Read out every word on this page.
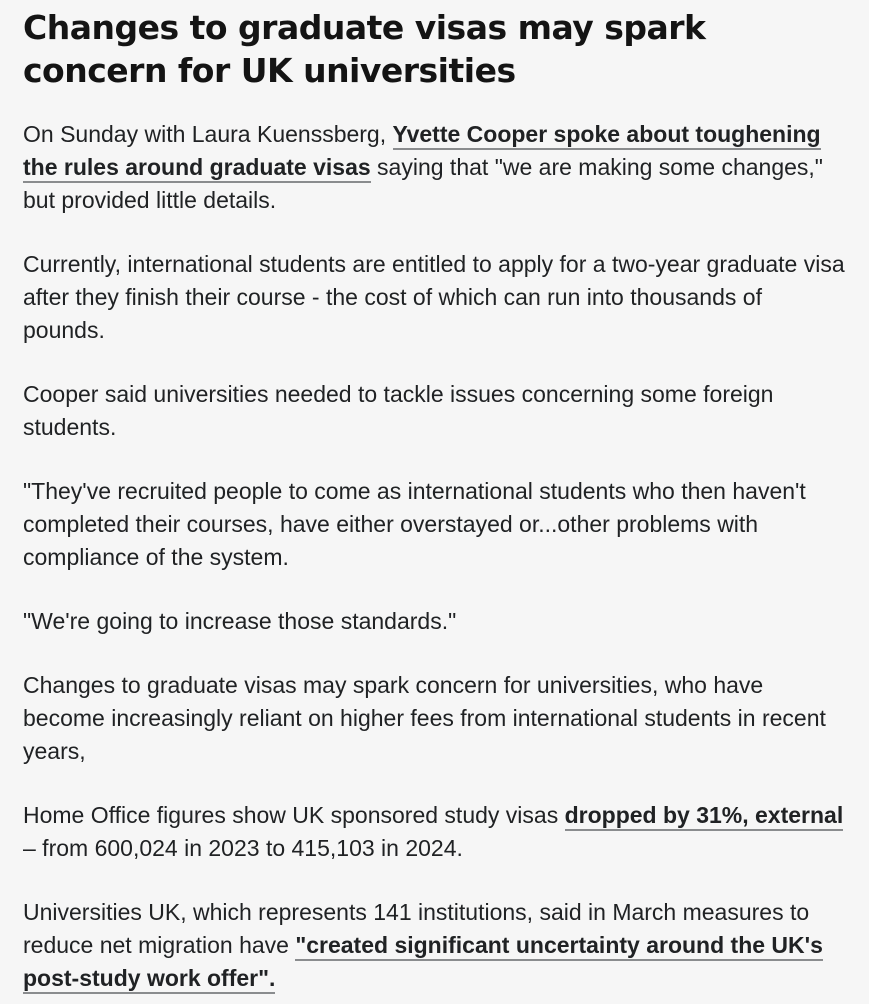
Changes to graduate visas may spark concern for UK universities

On Sunday with Laura Kuenssberg, Yvette Cooper spoke about toughening the rules around graduate visas saying that "we are making some changes," but provided little details.

Currently, international students are entitled to apply for a two-year graduate visa after they finish their course - the cost of which can run into thousands of pounds.

Cooper said universities needed to tackle issues concerning some foreign students.

"They've recruited people to come as international students who then haven't completed their courses, have either overstayed or...other problems with compliance of the system.

"We're going to increase those standards."

Changes to graduate visas may spark concern for universities, who have become increasingly reliant on higher fees from international students in recent years,

Home Office figures show UK sponsored study visas dropped by 31%, external – from 600,024 in 2023 to 415,103 in 2024.

Universities UK, which represents 141 institutions, said in March measures to reduce net migration have "created significant uncertainty around the UK's post-study work offer".
